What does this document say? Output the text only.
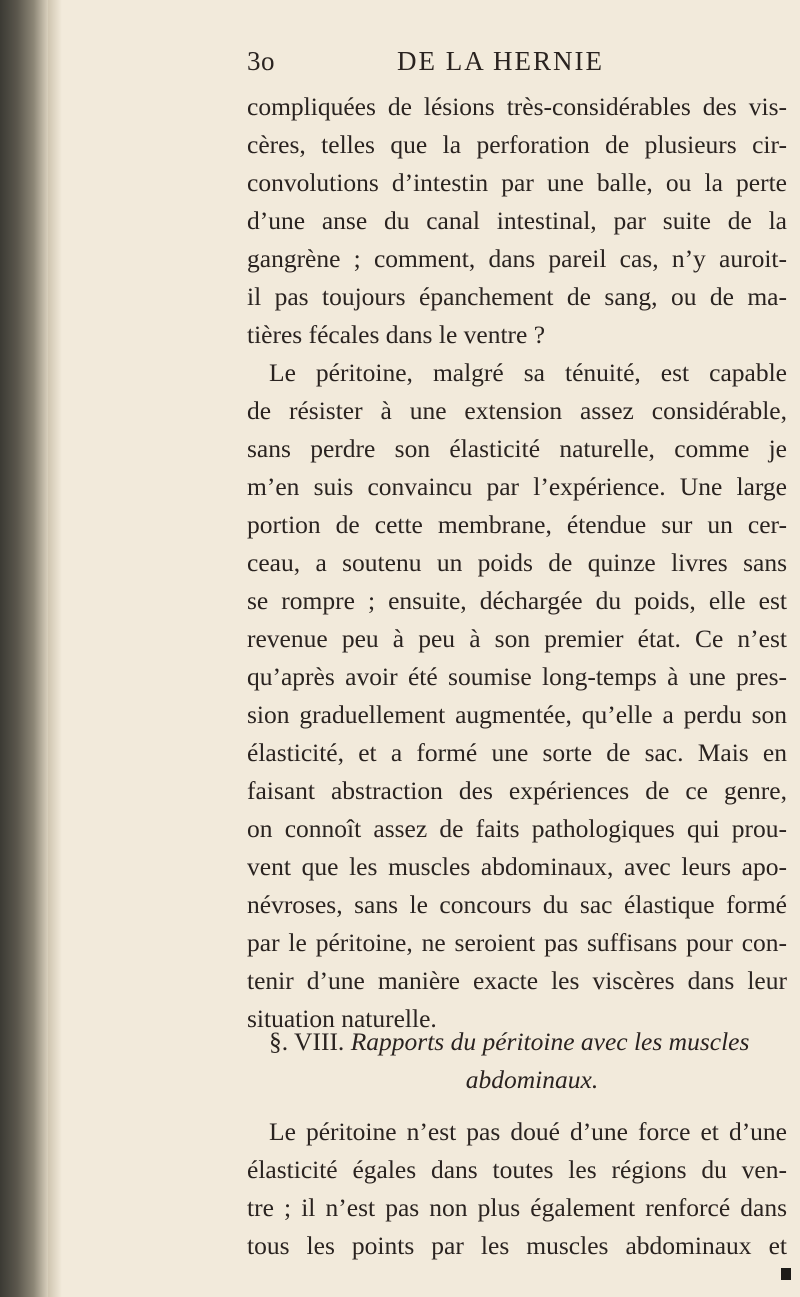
3o	DE LA HERNIE
compliquées de lésions très-considérables des vis-
cères, telles que la perforation de plusieurs cir-
convolutions d’intestin par une balle, ou la perte
d’une anse du canal intestinal, par suite de la
gangrène ; comment, dans pareil cas, n’y auroit-
il pas toujours épanchement de sang, ou de ma-
tières fécales dans le ventre ?
Le péritoine, malgré sa ténuité, est capable
de résister à une extension assez considérable,
sans perdre son élasticité naturelle, comme je
m’en suis convaincu par l’expérience. Une large
portion de cette membrane, étendue sur un cer-
ceau, a soutenu un poids de quinze livres sans
se rompre ; ensuite, déchargée du poids, elle est
revenue peu à peu à son premier état. Ce n’est
qu’après avoir été soumise long-temps à une pres-
sion graduellement augmentée, qu’elle a perdu son
élasticité, et a formé une sorte de sac. Mais en
faisant abstraction des expériences de ce genre,
on connoît assez de faits pathologiques qui prou-
vent que les muscles abdominaux, avec leurs apo-
névroses, sans le concours du sac élastique formé
par le péritoine, ne seroient pas suffisans pour con-
tenir d’une manière exacte les viscères dans leur
situation naturelle.
§. VIII. Rapports du péritoine avec les muscles
abdominaux.
Le péritoine n’est pas doué d’une force et d’une
élasticité égales dans toutes les régions du ven-
tre ; il n’est pas non plus également renforcé dans
tous les points par les muscles abdominaux et
